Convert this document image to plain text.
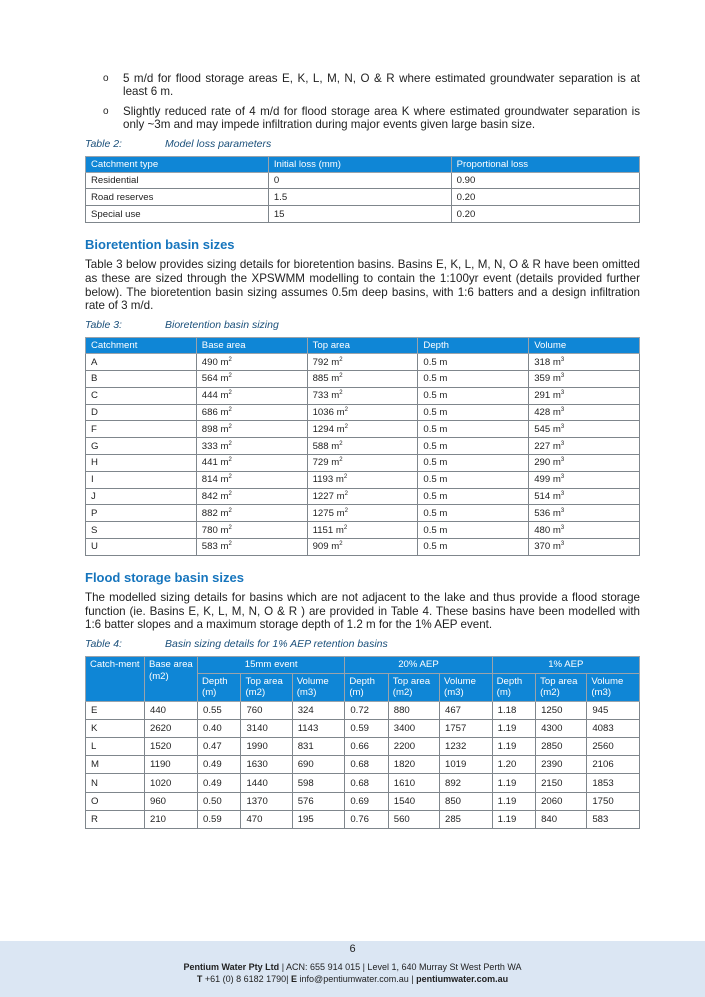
o 5 m/d for flood storage areas E, K, L, M, N, O & R where estimated groundwater separation is at least 6 m.
o Slightly reduced rate of 4 m/d for flood storage area K where estimated groundwater separation is only ~3m and may impede infiltration during major events given large basin size.
Table 2:	Model loss parameters
Catchment type	Initial loss (mm)	Proportional loss
Residential	0	0.90
Road reserves	1.5	0.20
Special use	15	0.20
Bioretention basin sizes

Table 3 below provides sizing details for bioretention basins. Basins E, K, L, M, N, O & R have been omitted as these are sized through the XPSWMM modelling to contain the 1:100yr event (details provided further below). The bioretention basin sizing assumes 0.5m deep basins, with 1:6 batters and a design infiltration rate of 3 m/d.

Table 3:	Bioretention basin sizing
Catchment	Base area	Top area	Depth	Volume
A	490 $m^2$	792 $m^2$	0.5 m	318 $m^3$
B	564 $m^2$	885 $m^2$	0.5 m	359 $m^3$
C	444 $m^2$	733 $m^2$	0.5 m	291 $m^3$
D	686 $m^2$	1036 $m^2$	0.5 m	428 $m^3$
F	898 $m^2$	1294 $m^2$	0.5 m	545 $m^3$
G	333 $m^2$	588 $m^2$	0.5 m	227 $m^3$
H	441 $m^2$	729 $m^2$	0.5 m	290 $m^3$
I	814 $m^2$	1193 $m^2$	0.5 m	499 $m^3$
J	842 $m^2$	1227 $m^2$	0.5 m	514 $m^3$
P	882 $m^2$	1275 $m^2$	0.5 m	536 $m^3$
S	780 $m^2$	1151 $m^2$	0.5 m	480 $m^3$
U	583 $m^2$	909 $m^2$	0.5 m	370 $m^3$
Flood storage basin sizes

The modelled sizing details for basins which are not adjacent to the lake and thus provide a flood storage function (ie. Basins E, K, L, M, N, O & R ) are provided in Table 4. These basins have been modelled with 1:6 batter slopes and a maximum storage depth of 1.2 m for the 1% AEP event.

Table 4:	Basin sizing details for 1% AEP retention basins
Catch-ment	Base area (m2)	15mm event			20% AEP			1% AEP		
		Depth (m)	Top area (m2)	Volume (m3)	Depth (m)	Top area (m2)	Volume (m3)	Depth (m)	Top area (m2)	Volume (m3)
E	440	0.55	760	324	0.72	880	467	1.18	1250	945
K	2620	0.40	3140	1143	0.59	3400	1757	1.19	4300	4083
L	1520	0.47	1990	831	0.66	2200	1232	1.19	2850	2560
M	1190	0.49	1630	690	0.68	1820	1019	1.20	2390	2106
N	1020	0.49	1440	598	0.68	1610	892	1.19	2150	1853
O	960	0.50	1370	576	0.69	1540	850	1.19	2060	1750
R	210	0.59	470	195	0.76	560	285	1.19	840	583
6
Pentium Water Pty Ltd | ACN: 655 914 015 | Level 1, 640 Murray St West Perth WA
T +61 (0) 8 6182 1790| E info@pentiumwater.com.au | pentiumwater.com.au
